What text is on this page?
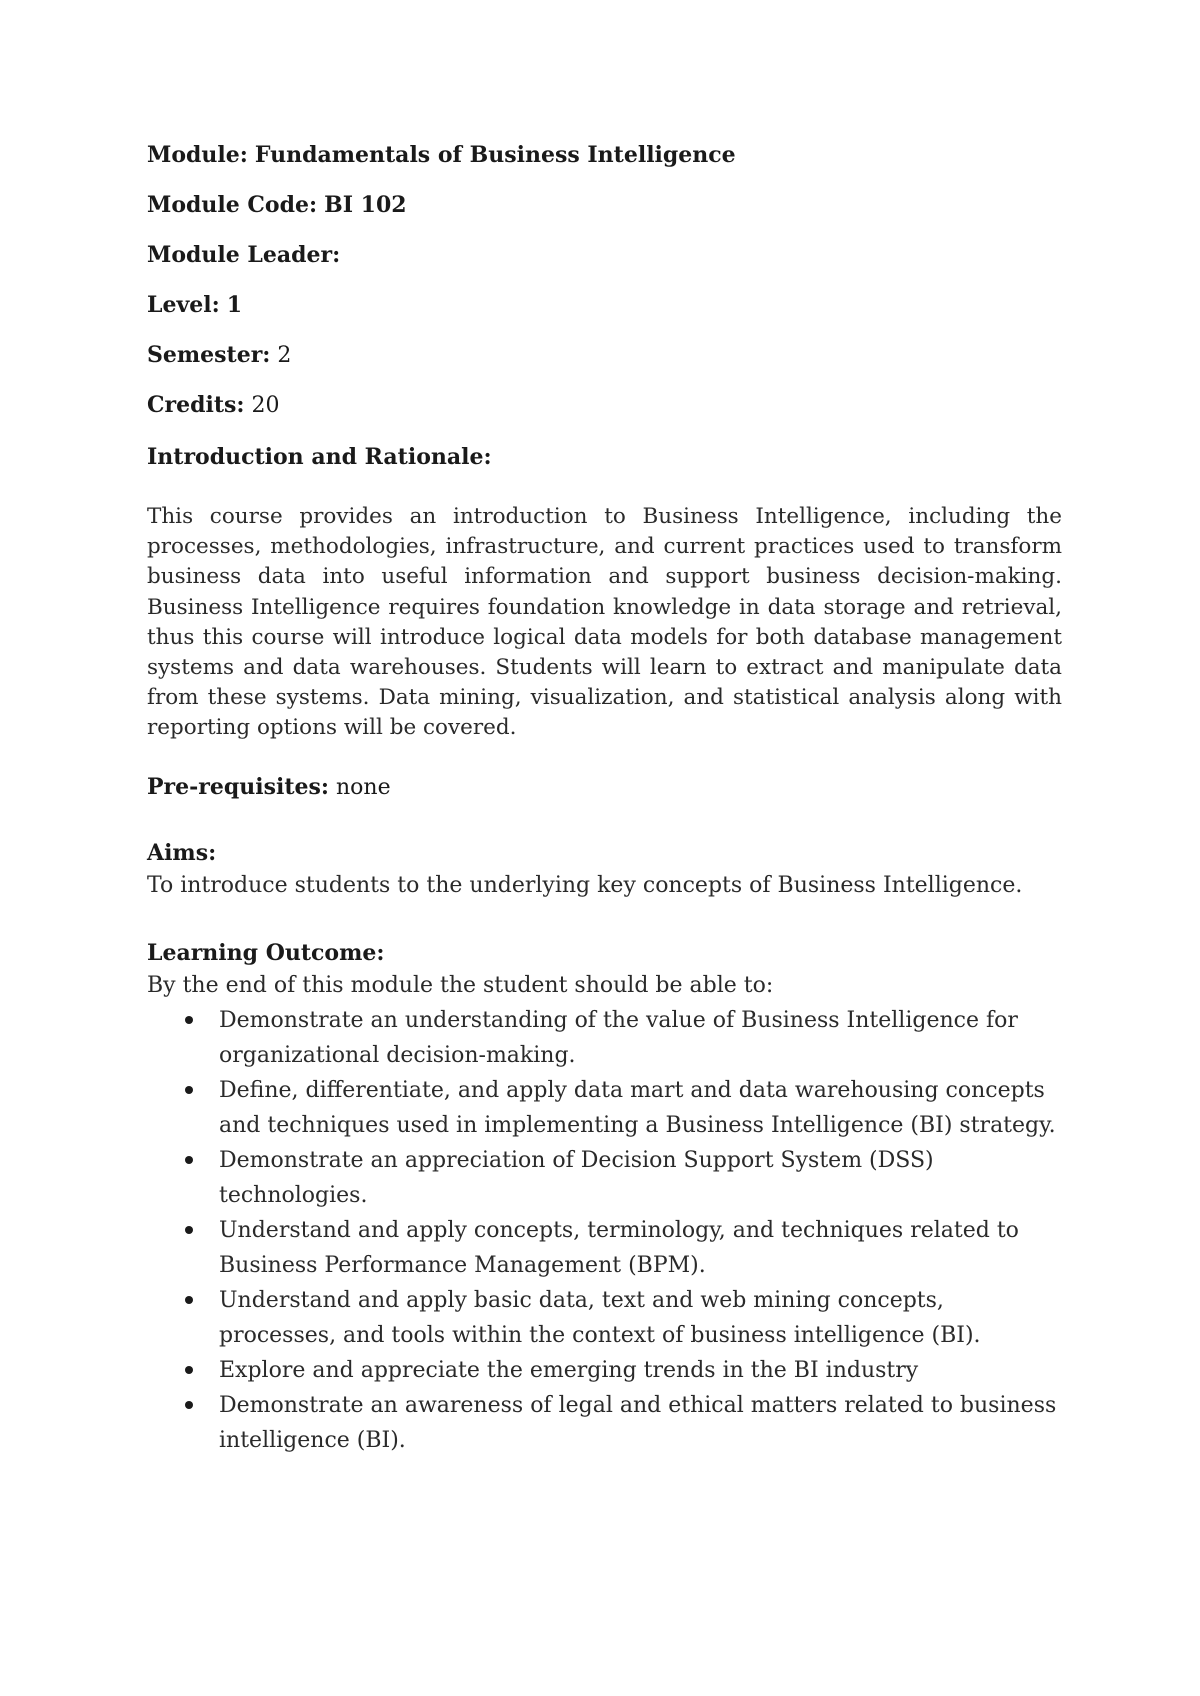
Module: Fundamentals of Business Intelligence

Module Code: BI 102

Module Leader:

Level: 1

Semester: 2

Credits: 20

Introduction and Rationale:

This course provides an introduction to Business Intelligence, including the processes, methodologies, infrastructure, and current practices used to transform business data into useful information and support business decision-making. Business Intelligence requires foundation knowledge in data storage and retrieval, thus this course will introduce logical data models for both database management systems and data warehouses. Students will learn to extract and manipulate data from these systems. Data mining, visualization, and statistical analysis along with reporting options will be covered.

Pre-requisites: none

Aims:

To introduce students to the underlying key concepts of Business Intelligence.

Learning Outcome:

By the end of this module the student should be able to:

Demonstrate an understanding of the value of Business Intelligence for organizational decision-making.
Define, differentiate, and apply data mart and data warehousing concepts and techniques used in implementing a Business Intelligence (BI) strategy.
Demonstrate an appreciation of Decision Support System (DSS) technologies.
Understand and apply concepts, terminology, and techniques related to Business Performance Management (BPM).
Understand and apply basic data, text and web mining concepts, processes, and tools within the context of business intelligence (BI).
Explore and appreciate the emerging trends in the BI industry
Demonstrate an awareness of legal and ethical matters related to business intelligence (BI).
